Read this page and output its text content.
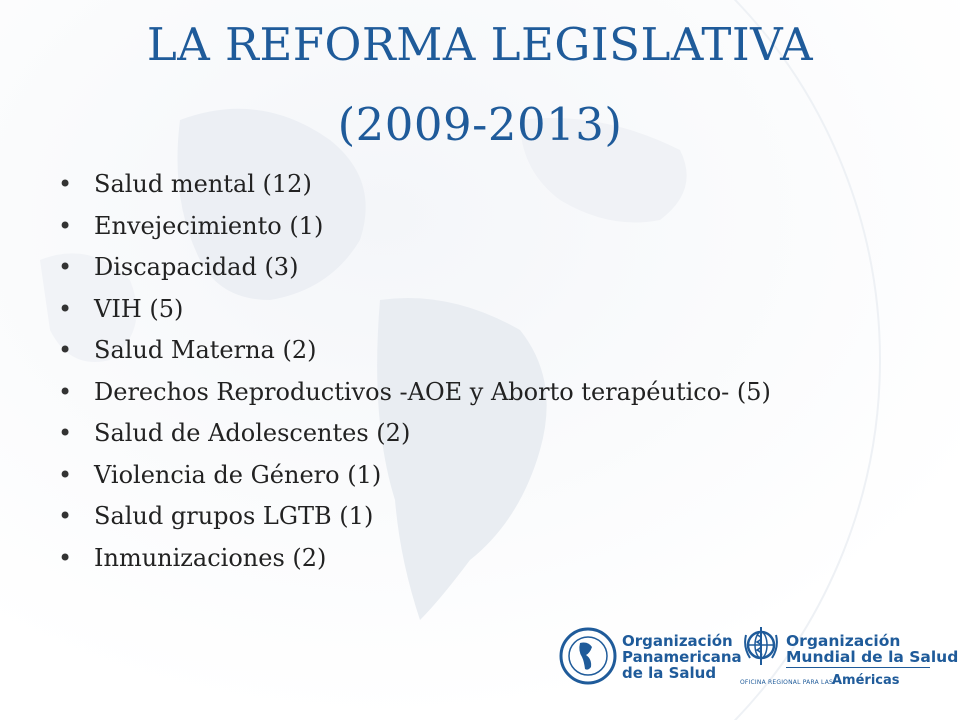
LA REFORMA LEGISLATIVA
(2009-2013)
• Salud mental (12)
• Envejecimiento (1)
• Discapacidad (3)
• VIH (5)
• Salud Materna (2)
• Derechos Reproductivos -AOE y Aborto terapéutico- (5)
• Salud de Adolescentes (2)
• Violencia de Género (1)
• Salud grupos LGTB (1)
• Inmunizaciones (2)
Organización
Panamericana
de la Salud
Organización
Mundial de la Salud
OFICINA REGIONAL PARA LAS
Américas
